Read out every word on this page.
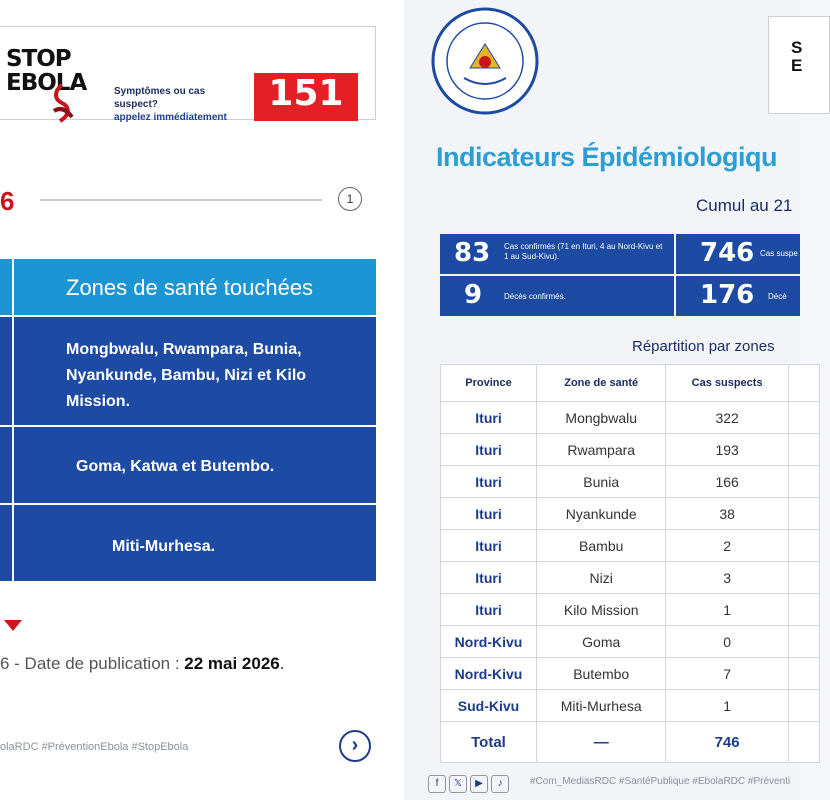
STOP
EBOLA	Symptômes ou cas suspect?
appelez immédiatement
151

6	1
Zones de santé touchées
Mongbwalu, Rwampara, Bunia, Nyankunde, Bambu, Nizi et Kilo Mission.
Goma, Katwa et Butembo.
Miti-Murhesa.
6 - Date de publication : 22 mai 2026.
olaRDC #PréventionEbola #StopEbola	›
S
E
Indicateurs Épidémiologiqu
Cumul au 21
83 Cas confirmés (71 en Ituri, 4 au Nord-Kivu et 1 au Sud-Kivu).	746 Cas suspe
9	Décès confirmés.	176 Décè
Répartition par zones
Province	Zone de santé	Cas suspects	
Ituri	Mongbwalu	322	
Ituri	Rwampara	193	
Ituri	Bunia	166	
Ituri	Nyankunde	38	
Ituri	Bambu	2	
Ituri	Nizi	3	
Ituri	Kilo Mission	1	
Nord-Kivu	Goma	0	
Nord-Kivu	Butembo	7	
Sud-Kivu	Miti-Murhesa	1	
Total	—	746	
f 𝕏 ▶ ♪	#Com_MediasRDC #SantéPublique #EbolaRDC #Préventi
